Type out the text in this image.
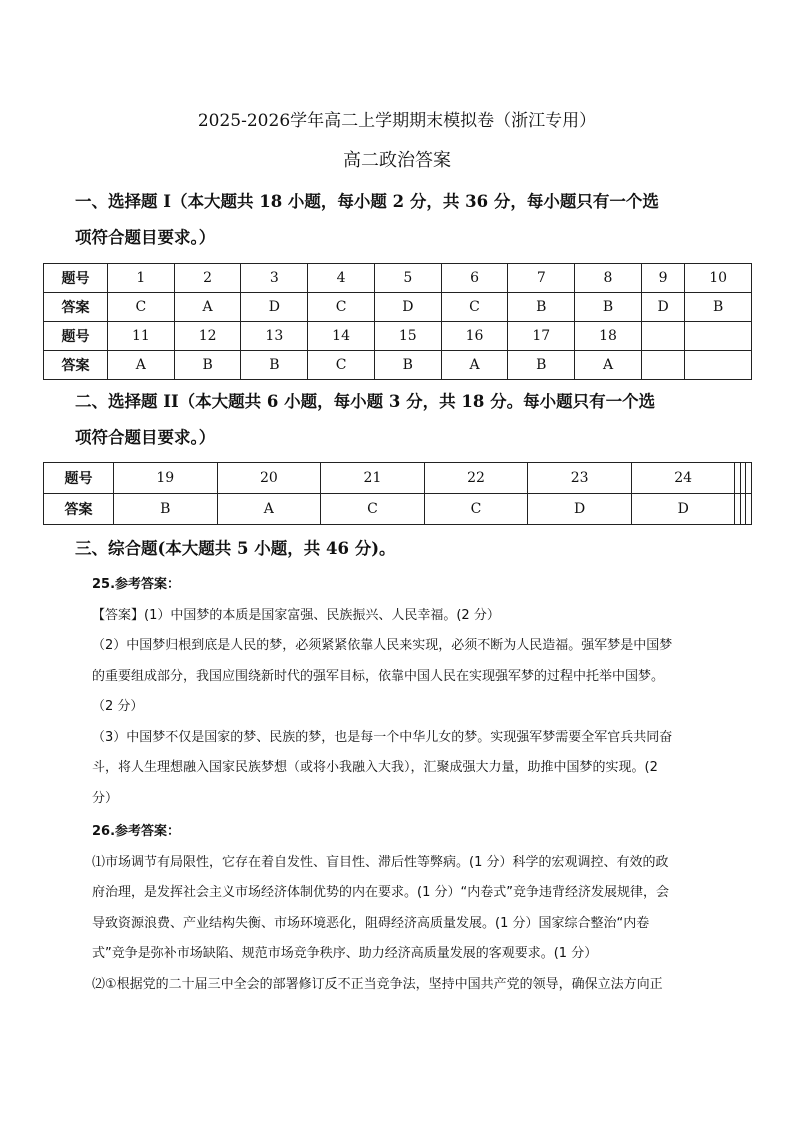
2025-2026学年高二上学期期末模拟卷（浙江专用）
高二政治答案
一、选择题 I（本大题共 18 小题，每小题 2 分，共 36 分，每小题只有一个选
项符合题目要求。）
题号	1	2	3	4	5	6	7	8	9	10
答案	C	A	D	C	D	C	B	B	D	B
题号	11	12	13	14	15	16	17	18		
答案	A	B	B	C	B	A	B	A		
二、选择题 II（本大题共 6 小题，每小题 3 分，共 18 分。每小题只有一个选
项符合题目要求。）
题号	19	20	21	22	23	24			
答案	B	A	C	C	D	D			
三、综合题(本大题共 5 小题，共 46 分)。

25.参考答案：

【答案】(1）中国梦的本质是国家富强、民族振兴、人民幸福。(2 分）

（2）中国梦归根到底是人民的梦，必须紧紧依靠人民来实现，必须不断为人民造福。强军梦是中国梦

的重要组成部分，我国应围绕新时代的强军目标，依靠中国人民在实现强军梦的过程中托举中国梦。

（2 分）

（3）中国梦不仅是国家的梦、民族的梦，也是每一个中华儿女的梦。实现强军梦需要全军官兵共同奋

斗，将人生理想融入国家民族梦想（或将小我融入大我），汇聚成强大力量，助推中国梦的实现。(2

分）

26.参考答案：

⑴市场调节有局限性，它存在着自发性、盲目性、滞后性等弊病。(1 分）科学的宏观调控、有效的政

府治理，是发挥社会主义市场经济体制优势的内在要求。(1 分）“内卷式”竞争违背经济发展规律，会

导致资源浪费、产业结构失衡、市场环境恶化，阻碍经济高质量发展。(1 分）国家综合整治“内卷

式”竞争是弥补市场缺陷、规范市场竞争秩序、助力经济高质量发展的客观要求。(1 分）

⑵①根据党的二十届三中全会的部署修订反不正当竞争法，坚持中国共产党的领导，确保立法方向正
